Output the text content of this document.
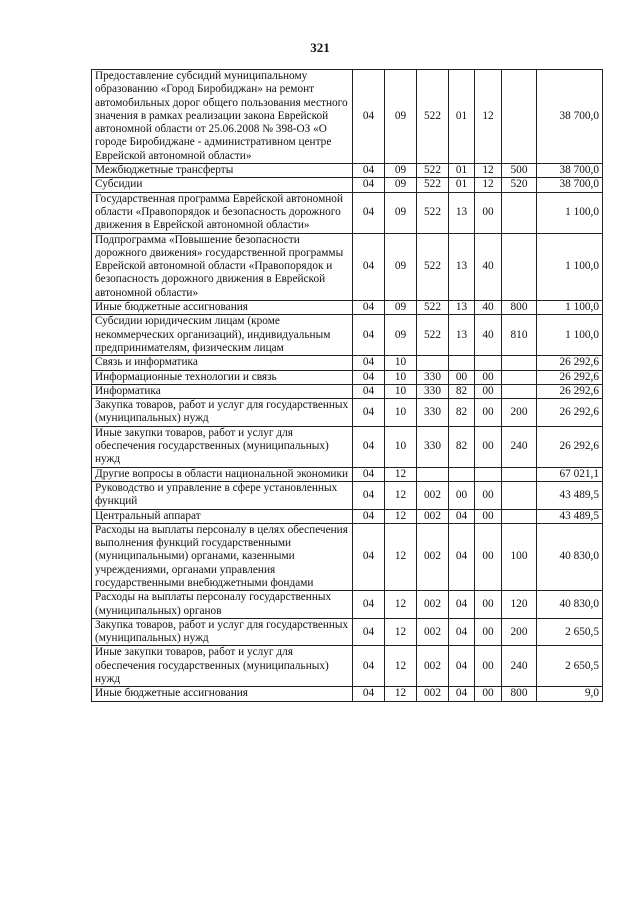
321
Предоставление субсидий муниципальному образованию «Город Биробиджан» на ремонт автомобильных дорог общего пользования местного значения в рамках реализации закона Еврейской автономной области от 25.06.2008 № 398-ОЗ «О городе Биробиджане - административном центре Еврейской автономной области»	04	09	522	01	12		38 700,0
Межбюджетные трансферты	04	09	522	01	12	500	38 700,0
Субсидии	04	09	522	01	12	520	38 700,0
Государственная программа Еврейской автономной области «Правопорядок и безопасность дорожного движения в Еврейской автономной области»	04	09	522	13	00		1 100,0
Подпрограмма «Повышение безопасности дорожного движения» государственной программы Еврейской автономной области «Правопорядок и безопасность дорожного движения в Еврейской автономной области»	04	09	522	13	40		1 100,0
Иные бюджетные ассигнования	04	09	522	13	40	800	1 100,0
Субсидии юридическим лицам (кроме некоммерческих организаций), индивидуальным предпринимателям, физическим лицам	04	09	522	13	40	810	1 100,0
Связь и информатика	04	10					26 292,6
Информационные технологии и связь	04	10	330	00	00		26 292,6
Информатика	04	10	330	82	00		26 292,6
Закупка товаров, работ и услуг для государственных (муниципальных) нужд	04	10	330	82	00	200	26 292,6
Иные закупки товаров, работ и услуг для обеспечения государственных (муниципальных) нужд	04	10	330	82	00	240	26 292,6
Другие вопросы в области национальной экономики	04	12					67 021,1
Руководство и управление в сфере установленных функций	04	12	002	00	00		43 489,5
Центральный аппарат	04	12	002	04	00		43 489,5
Расходы на выплаты персоналу в целях обеспечения выполнения функций государственными (муниципальными) органами, казенными учреждениями, органами управления государственными внебюджетными фондами	04	12	002	04	00	100	40 830,0
Расходы на выплаты персоналу государственных (муниципальных) органов	04	12	002	04	00	120	40 830,0
Закупка товаров, работ и услуг для государственных (муниципальных) нужд	04	12	002	04	00	200	2 650,5
Иные закупки товаров, работ и услуг для обеспечения государственных (муниципальных) нужд	04	12	002	04	00	240	2 650,5
Иные бюджетные ассигнования	04	12	002	04	00	800	9,0
